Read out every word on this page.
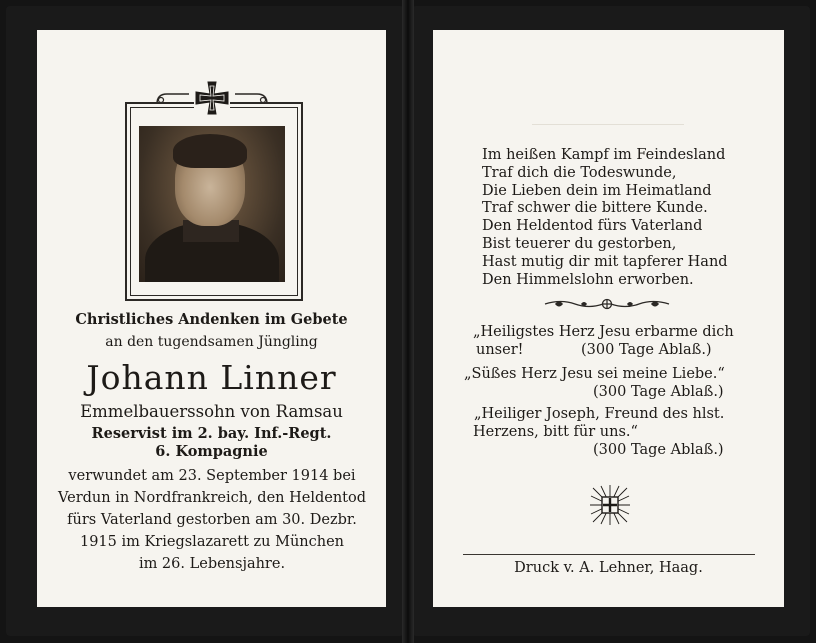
Christliches Andenken im Gebete
an den tugendsamen Jüngling
Johann Linner
Emmelbauerssohn von Ramsau
Reservist im 2. bay. Inf.-Regt.
6. Kompagnie
verwundet am 23. September 1914 bei
Verdun in Nordfrankreich, den Heldentod
fürs Vaterland gestorben am 30. Dezbr.
1915 im Kriegslazarett zu München
im 26. Lebensjahre.
Im heißen Kampf im Feindesland
Traf dich die Todeswunde,
Die Lieben dein im Heimatland
Traf schwer die bittere Kunde.
Den Heldentod fürs Vaterland
Bist teuerer du gestorben,
Hast mutig dir mit tapferer Hand
Den Himmelslohn erworben.
„Heiligstes Herz Jesu erbarme dich
unser!	(300 Tage Ablaß.)
„Süßes Herz Jesu sei meine Liebe.“
(300 Tage Ablaß.)
„Heiliger Joseph, Freund des hlst.
Herzens, bitt für uns.“
(300 Tage Ablaß.)
Druck v. A. Lehner, Haag.
